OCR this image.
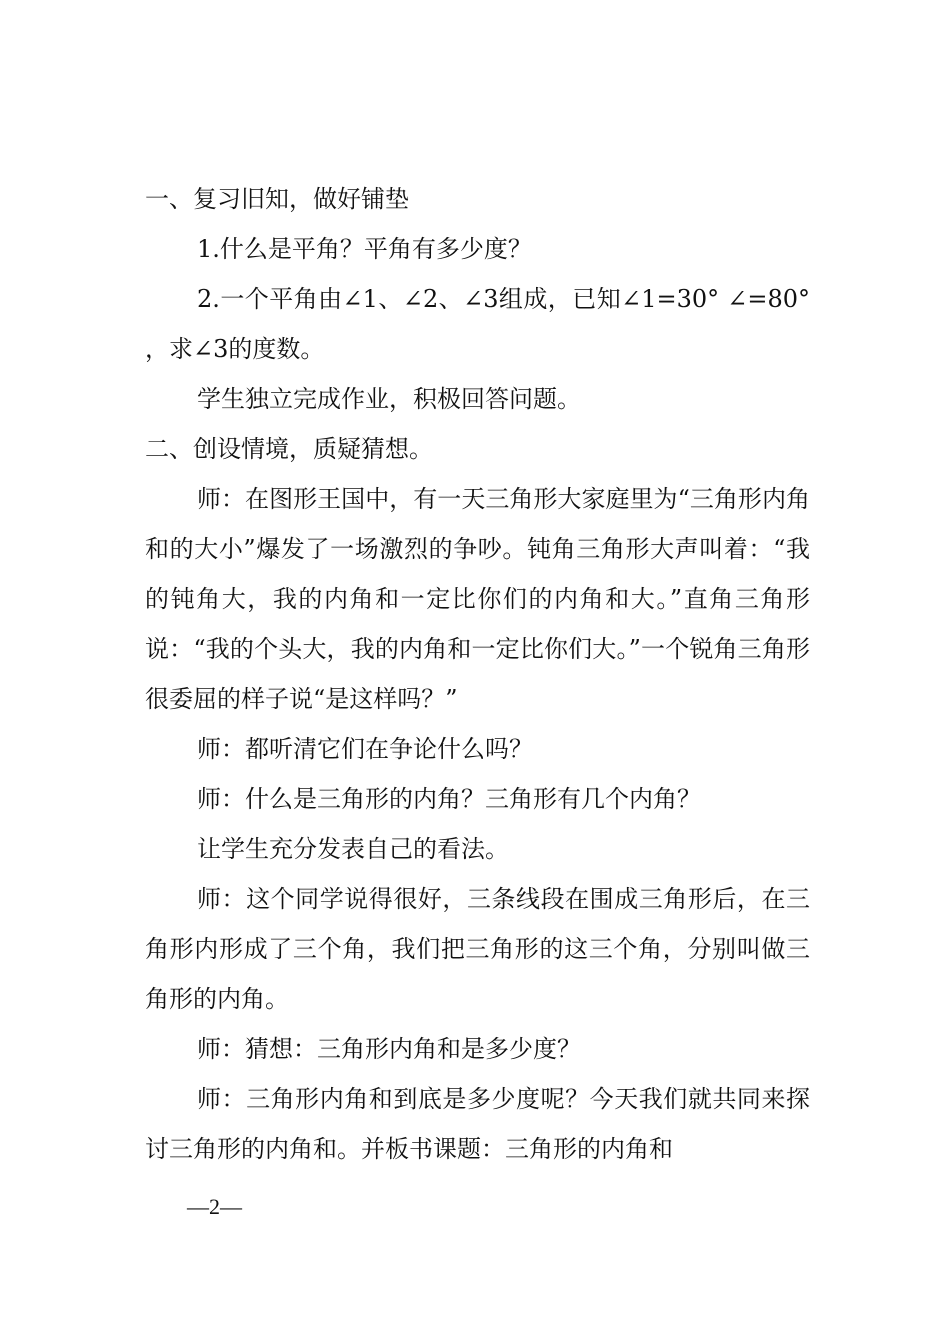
一、复习旧知，做好铺垫

1.什么是平角？平角有多少度？

2.一个平角由∠1、∠2、∠3组成，已知∠1=30° ∠=80° ，求∠3的度数。

学生独立完成作业，积极回答问题。

二、创设情境，质疑猜想。

师：在图形王国中，有一天三角形大家庭里为“三角形内角和的大小”爆发了一场激烈的争吵。钝角三角形大声叫着：“我的钝角大，我的内角和一定比你们的内角和大。”直角三角形说：“我的个头大，我的内角和一定比你们大。”一个锐角三角形很委屈的样子说“是这样吗？”

师：都听清它们在争论什么吗？

师：什么是三角形的内角？三角形有几个内角？

让学生充分发表自己的看法。

师：这个同学说得很好，三条线段在围成三角形后，在三角形内形成了三个角，我们把三角形的这三个角，分别叫做三角形的内角。

师：猜想：三角形内角和是多少度？

师：三角形内角和到底是多少度呢？今天我们就共同来探讨三角形的内角和。并板书课题：三角形的内角和

—2—
